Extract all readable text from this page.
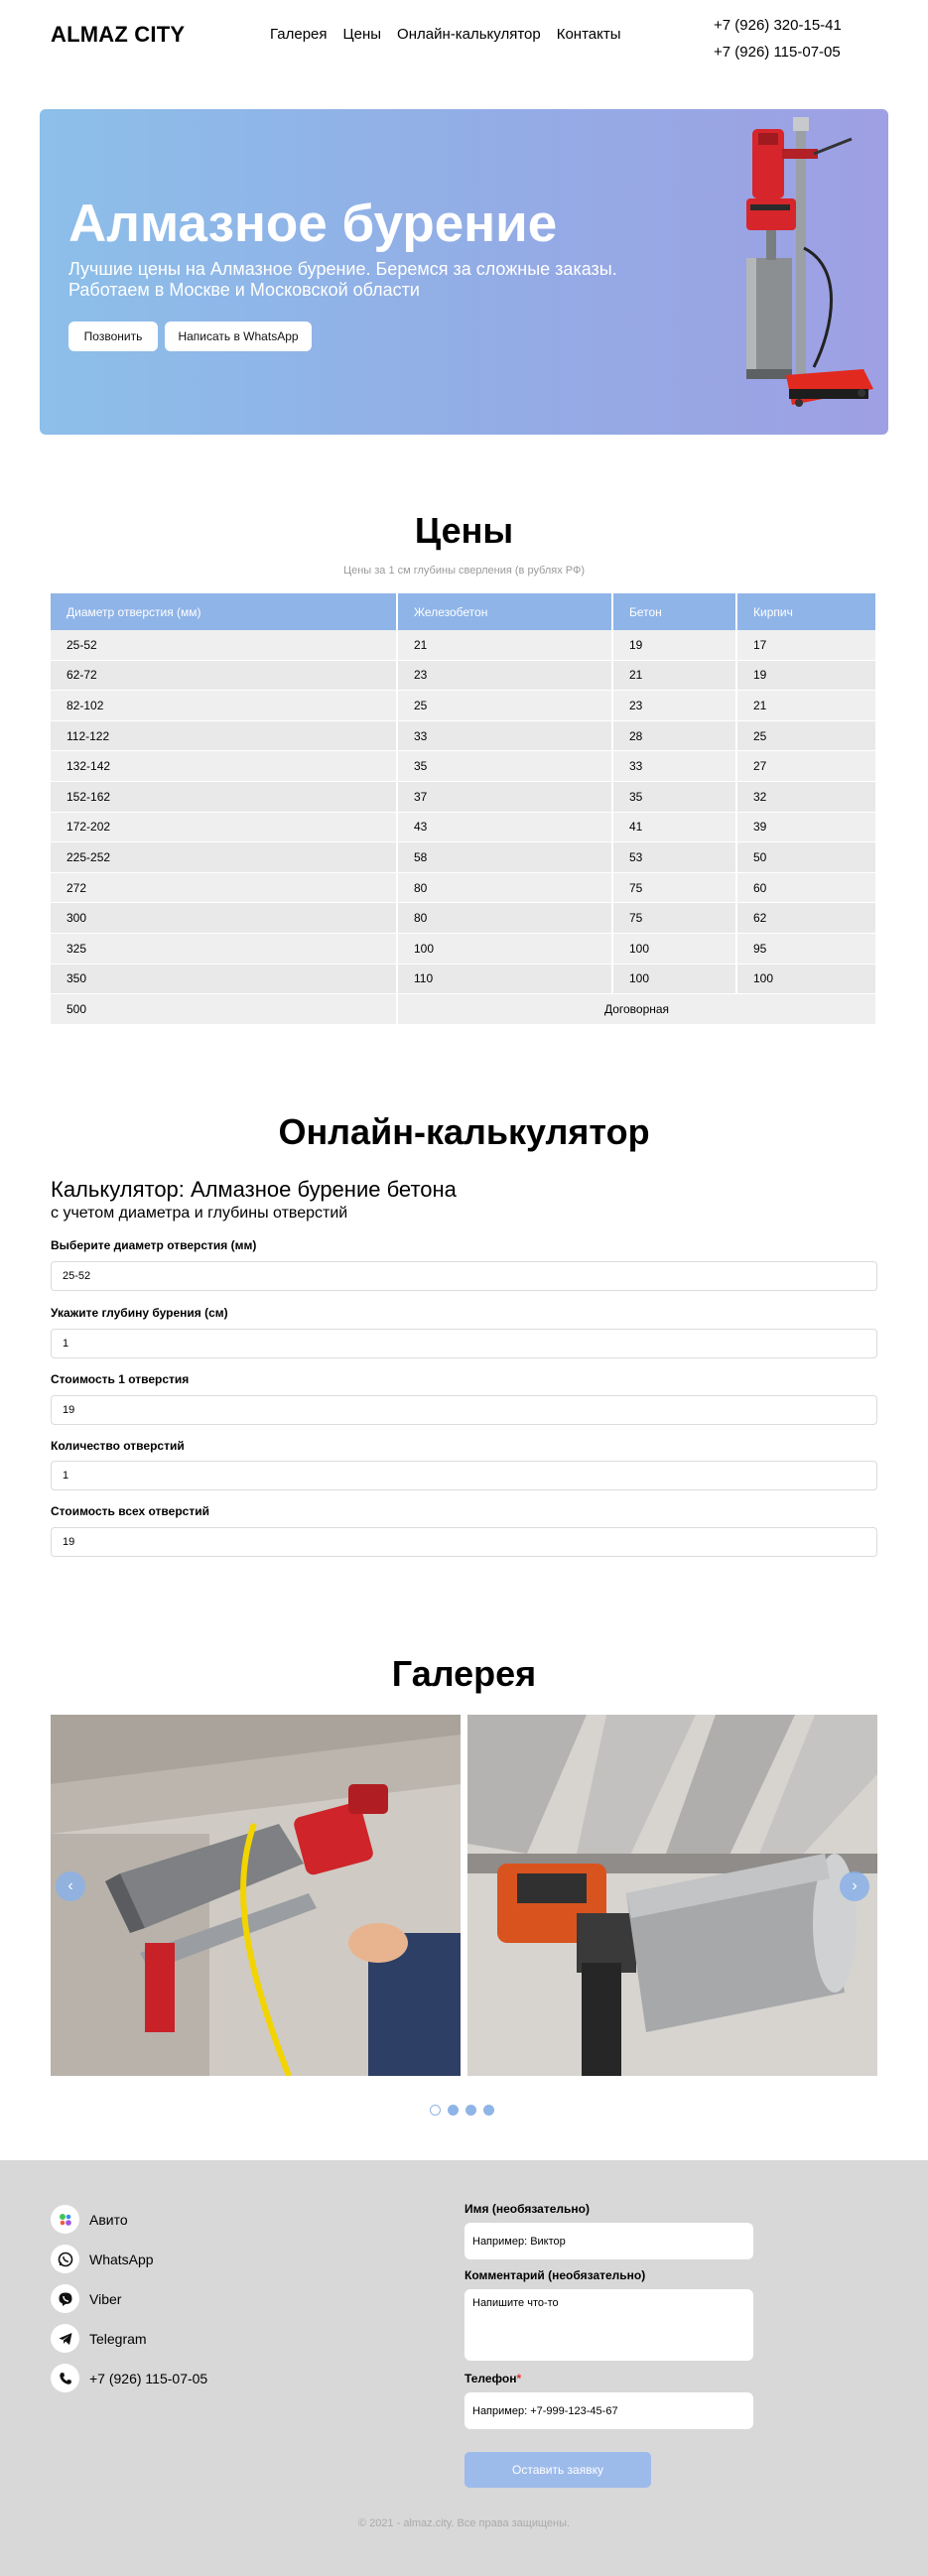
ALMAZ CITY	Галерея Цены Онлайн-калькулятор Контакты
+7 (926) 320-15-41
+7 (926) 115-07-05
Алмазное бурение
Лучшие цены на Алмазное бурение. Беремся за сложные заказы. Работаем в Москве и Московской области
Позвонить	Написать в WhatsApp
Цены
Цены за 1 см глубины сверления (в рублях РФ)
Диаметр отверстия (мм)	Железобетон	Бетон	Кирпич
25-52	21	19	17
62-72	23	21	19
82-102	25	23	21
112-122	33	28	25
132-142	35	33	27
152-162	37	35	32
172-202	43	41	39
225-252	58	53	50
272	80	75	60
300	80	75	62
325	100	100	95
350	110	100	100
500	Договорная		
Онлайн-калькулятор
Калькулятор: Алмазное бурение бетона
с учетом диаметра и глубины отверстий
Выберите диаметр отверстия (мм)
25-52
Укажите глубину бурения (см)
1
Стоимость 1 отверстия
19
Количество отверстий
1
Стоимость всех отверстий
19
Галерея
‹	›
Авито
WhatsApp
Viber
Telegram
+7 (926) 115-07-05
Имя (необязательно)
Например: Виктор
Комментарий (необязательно)
Напишите что-то
Телефон*
Например: +7-999-123-45-67
Оставить заявку
© 2021 - almaz.city. Все права защищены.
